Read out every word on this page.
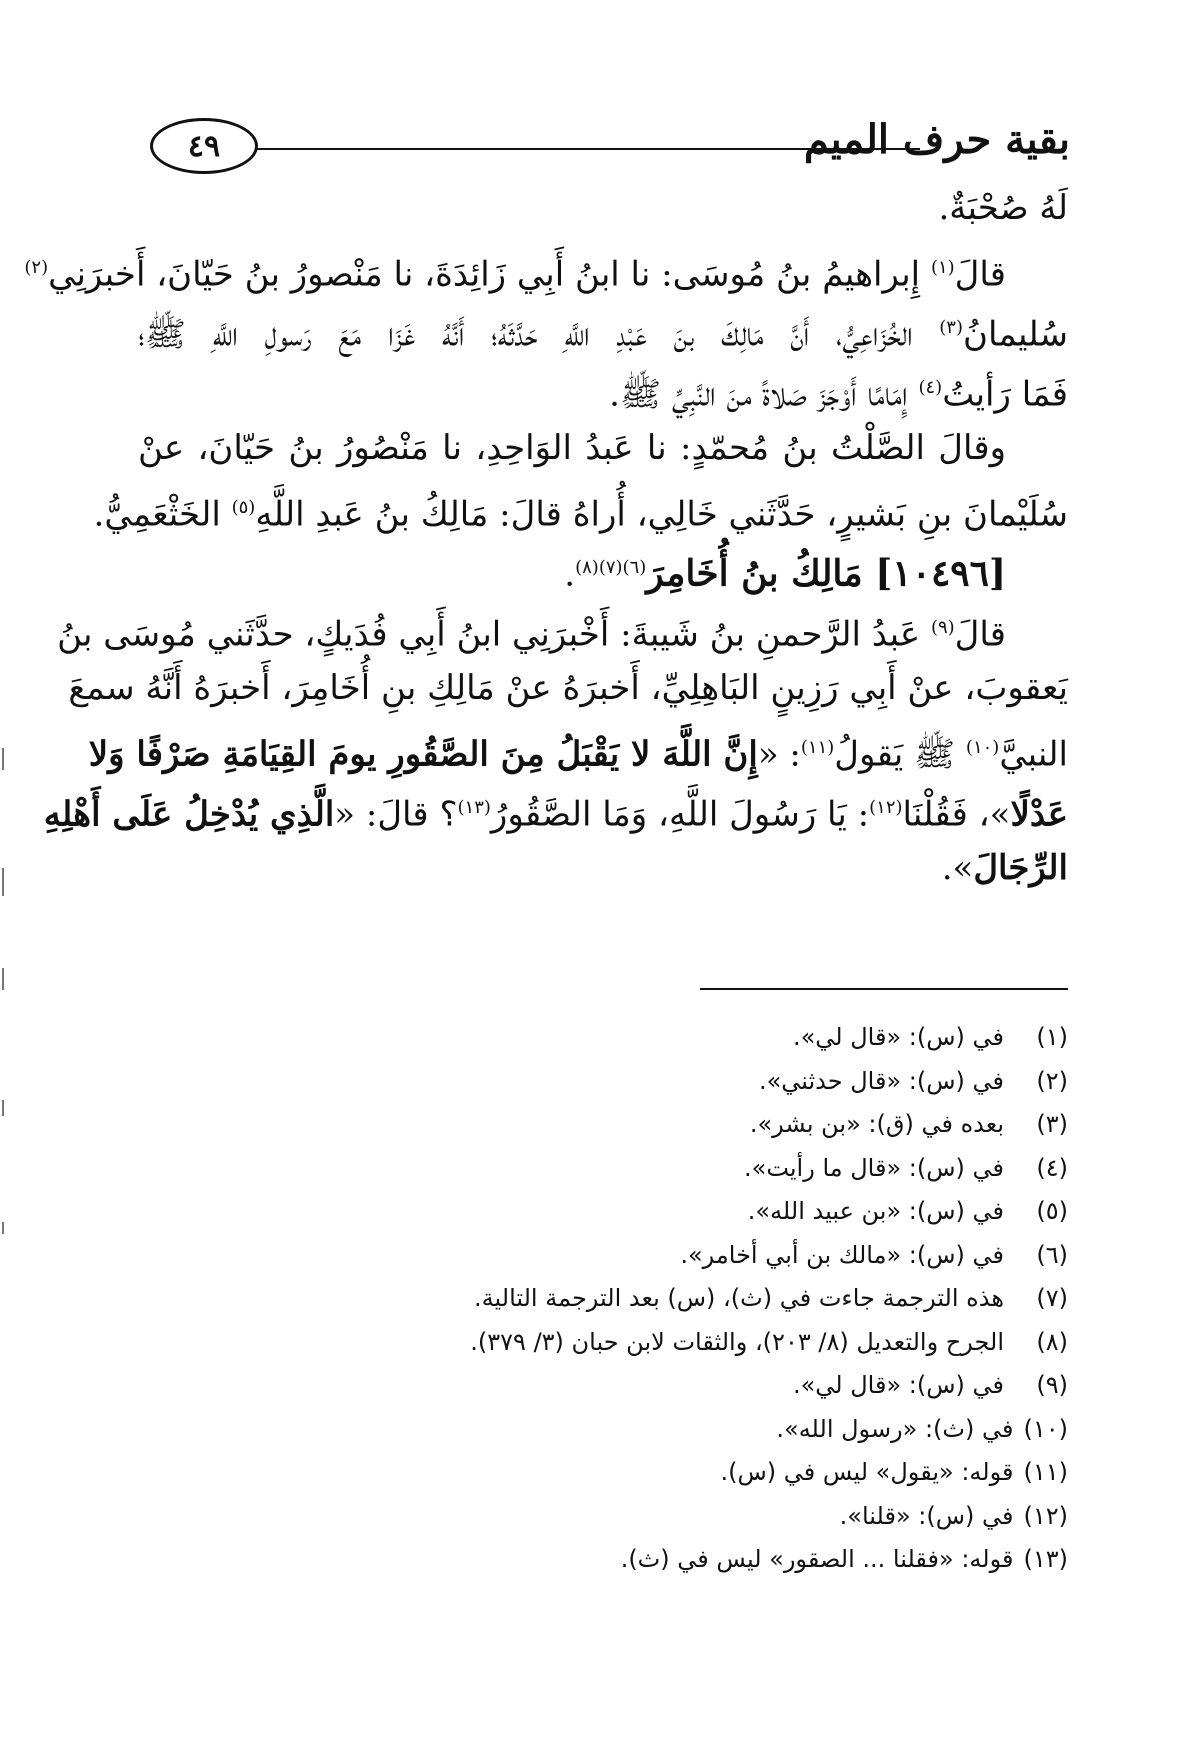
بقية حرف الميم
٤٩
لَهُ صُحْبَةٌ.
قالَ$^{(١)}$ إِبراهيمُ بنُ مُوسَى: نا ابنُ أَبِي زَائِدَةَ، نا مَنْصورُ بنُ حَيّانَ، أَخبرَنِي$^{(٢)}$
سُليمانُ$^{(٣)}$ الخُزَاعِيُّ، أَنَّ مَالِكَ بنَ عَبْدِ اللَّهِ حَدَّثَهُ؛ أَنَّهُ غَزَا مَعَ رَسولِ اللَّهِ ﷺ؛
فَمَا رَأيتُ$^{(٤)}$ إِمَامًا أَوْجَزَ صَلاةً منَ النَّبِيِّ ﷺ.
وقالَ الصَّلْتُ بنُ مُحمّدٍ: نا عَبدُ الوَاحِدِ، نا مَنْصُورُ بنُ حَيّانَ، عنْ
سُلَيْمانَ بنِ بَشيرٍ، حَدَّثَني خَالِي، أُراهُ قالَ: مَالِكُ بنُ عَبدِ اللَّهِ$^{(٥)}$ الخَثْعَمِيُّ.
[١٠٤٩٦] مَالِكُ بنُ أُخَامِرَ$^{(٦)(٧)(٨)}$.
قالَ$^{(٩)}$ عَبدُ الرَّحمنِ بنُ شَيبةَ: أَخْبرَنِي ابنُ أَبِي فُدَيكٍ، حدَّثَني مُوسَى بنُ
يَعقوبَ، عنْ أَبِي رَزِينٍ البَاهِلِيِّ، أَخبرَهُ عنْ مَالِكِ بنِ أُخَامِرَ، أَخبرَهُ أَنَّهُ سمعَ
النبيَّ$^{(١٠)}$ ﷺ يَقولُ$^{(١١)}$: «إِنَّ اللَّهَ لا يَقْبَلُ مِنَ الصَّقُورِ يومَ القِيَامَةِ صَرْفًا وَلا
عَدْلًا»، فَقُلْنَا$^{(١٢)}$: يَا رَسُولَ اللَّهِ، وَمَا الصَّقُورُ$^{(١٣)}$؟ قالَ: «الَّذِي يُدْخِلُ عَلَى أَهْلِهِ
الرِّجَالَ».
(١)
في (س): «قال لي».
(٢)
في (س): «قال حدثني».
(٣)
بعده في (ق): «بن بشر».
(٤)
في (س): «قال ما رأيت».
(٥)
في (س): «بن عبيد الله».
(٦)
في (س): «مالك بن أبي أخامر».
(٧)
هذه الترجمة جاءت في (ث)، (س) بعد الترجمة التالية.
(٨)
الجرح والتعديل (٨/ ٢٠٣)، والثقات لابن حبان (٣/ ٣٧٩).
(٩)
في (س): «قال لي».
(١٠)
في (ث): «رسول الله».
(١١)
قوله: «يقول» ليس في (س).
(١٢)
في (س): «قلنا».
(١٣)
قوله: «فقلنا ... الصقور» ليس في (ث).
